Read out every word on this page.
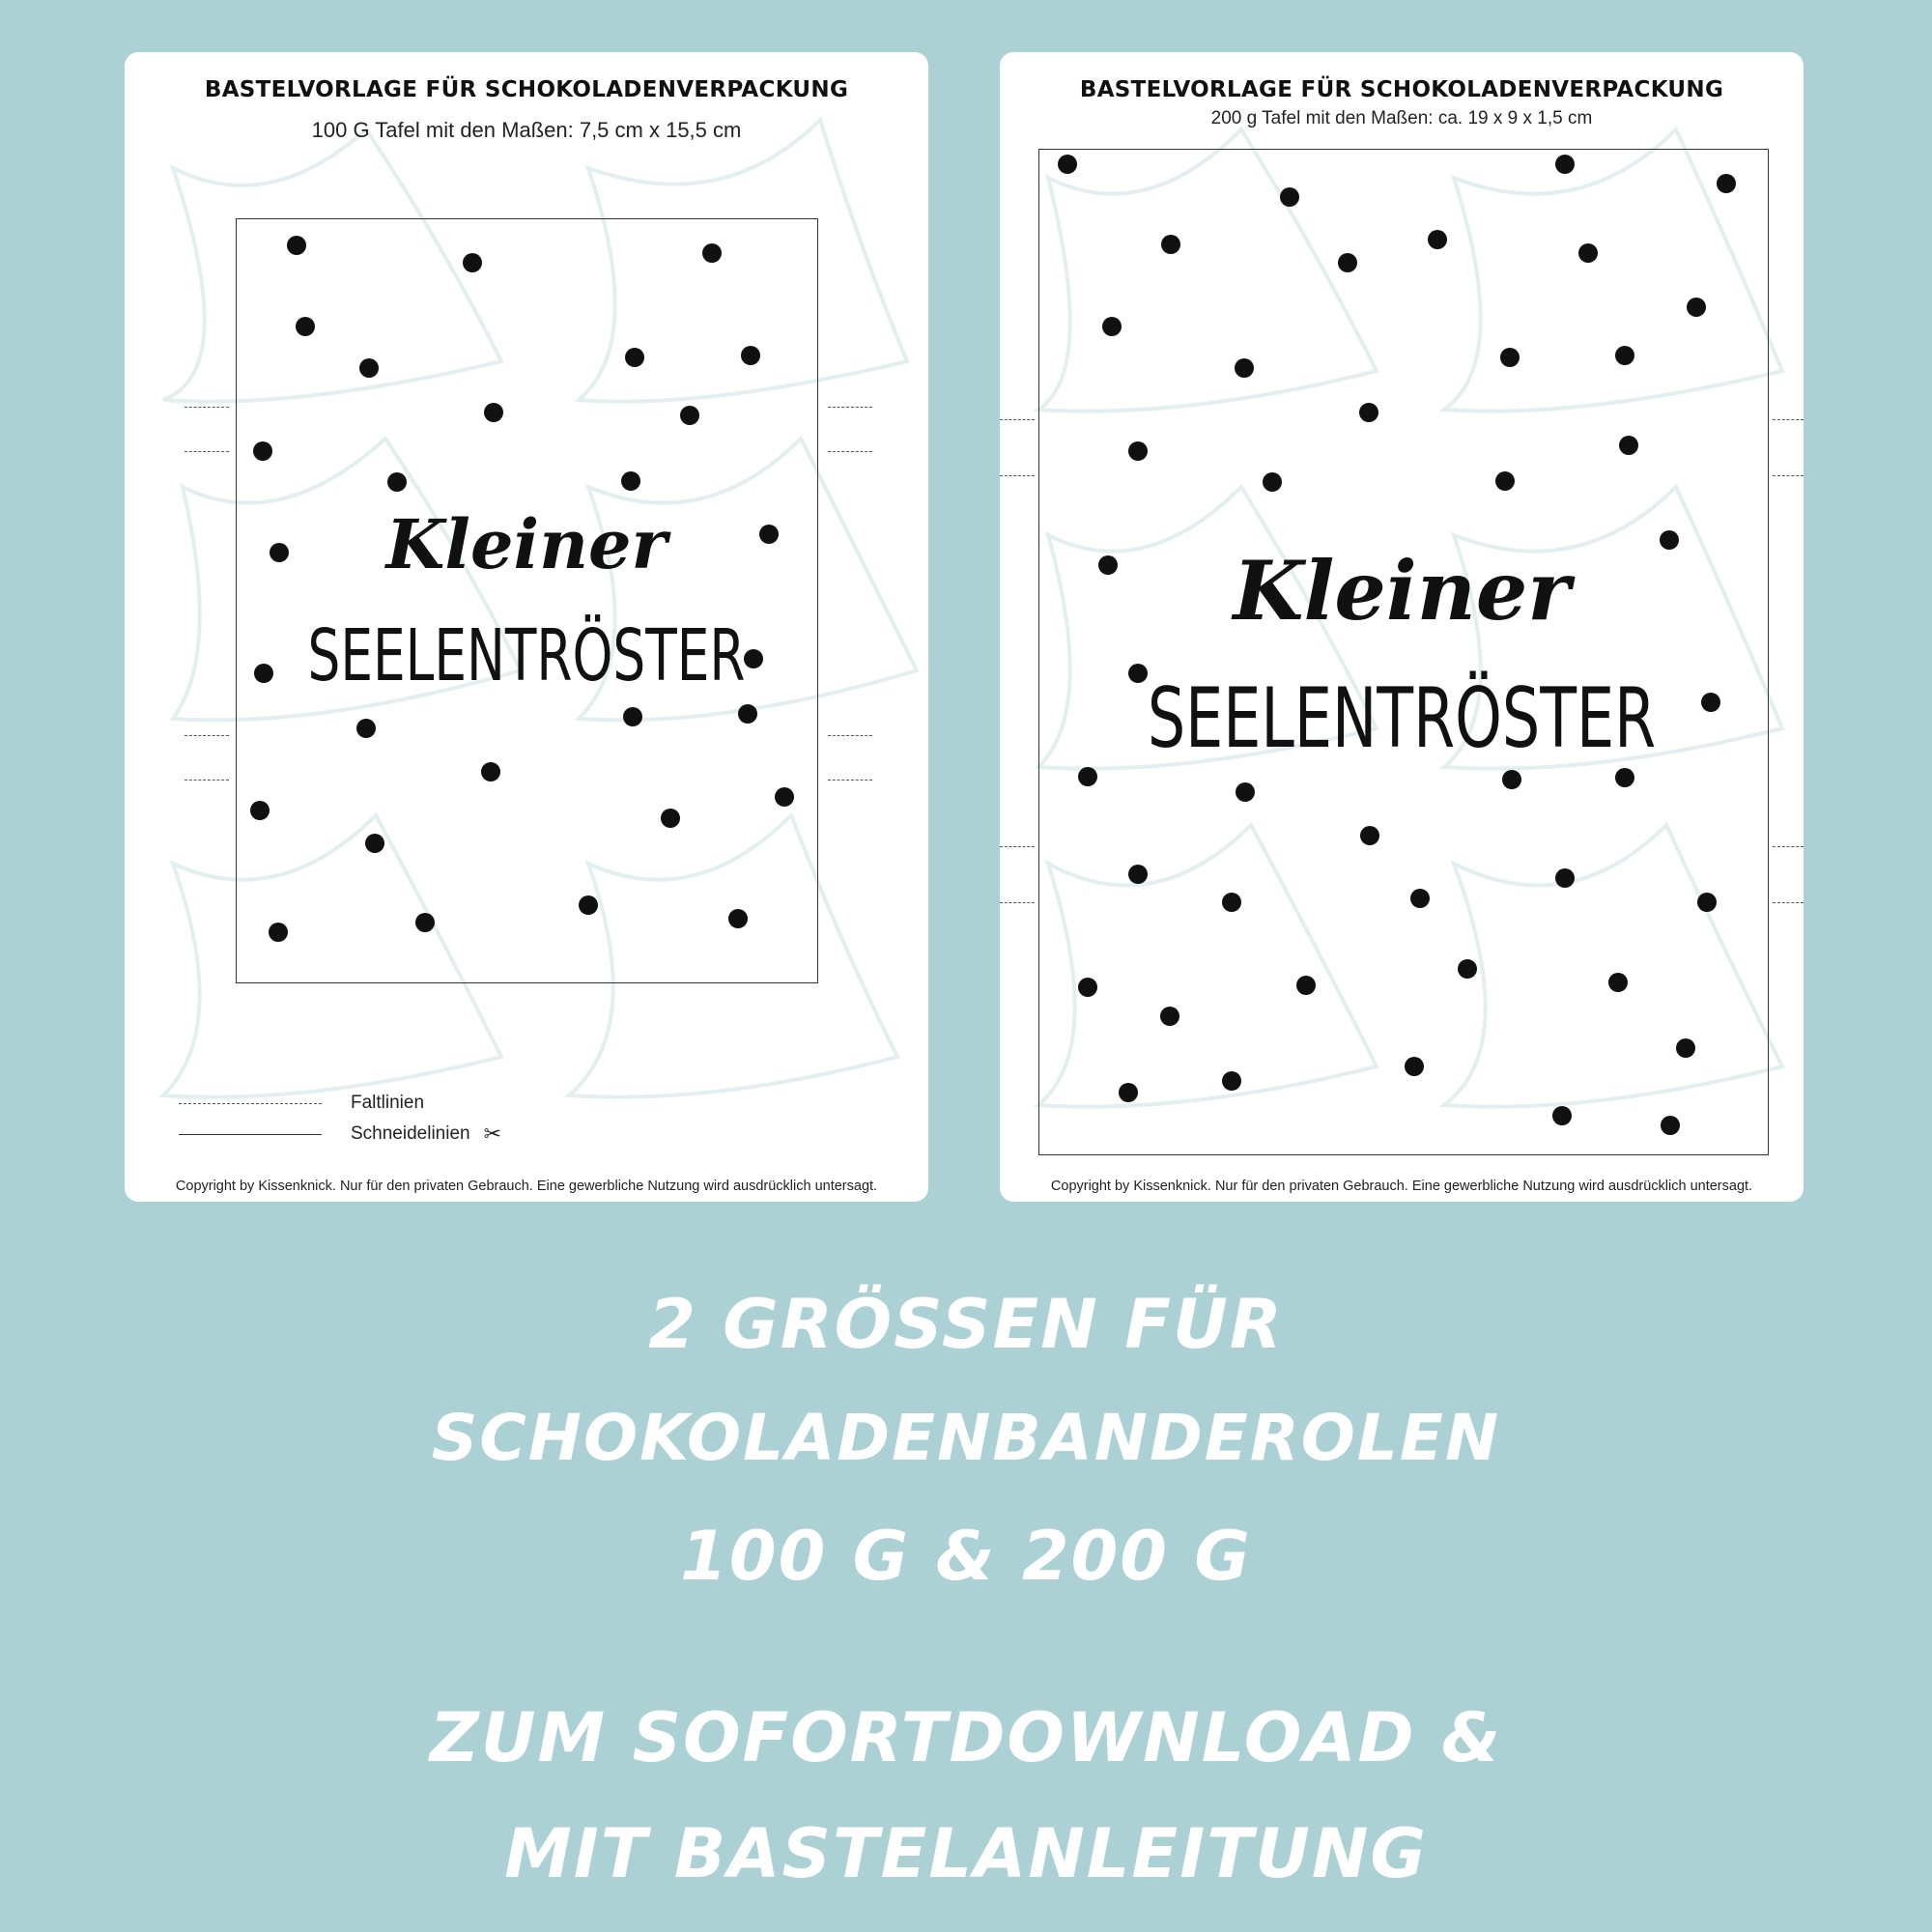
BASTELVORLAGE FÜR SCHOKOLADENVERPACKUNG
100 G Tafel mit den Maßen: 7,5 cm x 15,5 cm
Kleiner
SEELENTRÖSTER
Faltlinien
Schneidelinien ✂
Copyright by Kissenknick. Nur für den privaten Gebrauch. Eine gewerbliche Nutzung wird ausdrücklich untersagt.
BASTELVORLAGE FÜR SCHOKOLADENVERPACKUNG
200 g Tafel mit den Maßen: ca. 19 x 9 x 1,5 cm
Kleiner
SEELENTRÖSTER
Copyright by Kissenknick. Nur für den privaten Gebrauch. Eine gewerbliche Nutzung wird ausdrücklich untersagt.
2 GRÖSSEN FÜR
SCHOKOLADENBANDEROLEN
100 G & 200 G
ZUM SOFORTDOWNLOAD &
MIT BASTELANLEITUNG
